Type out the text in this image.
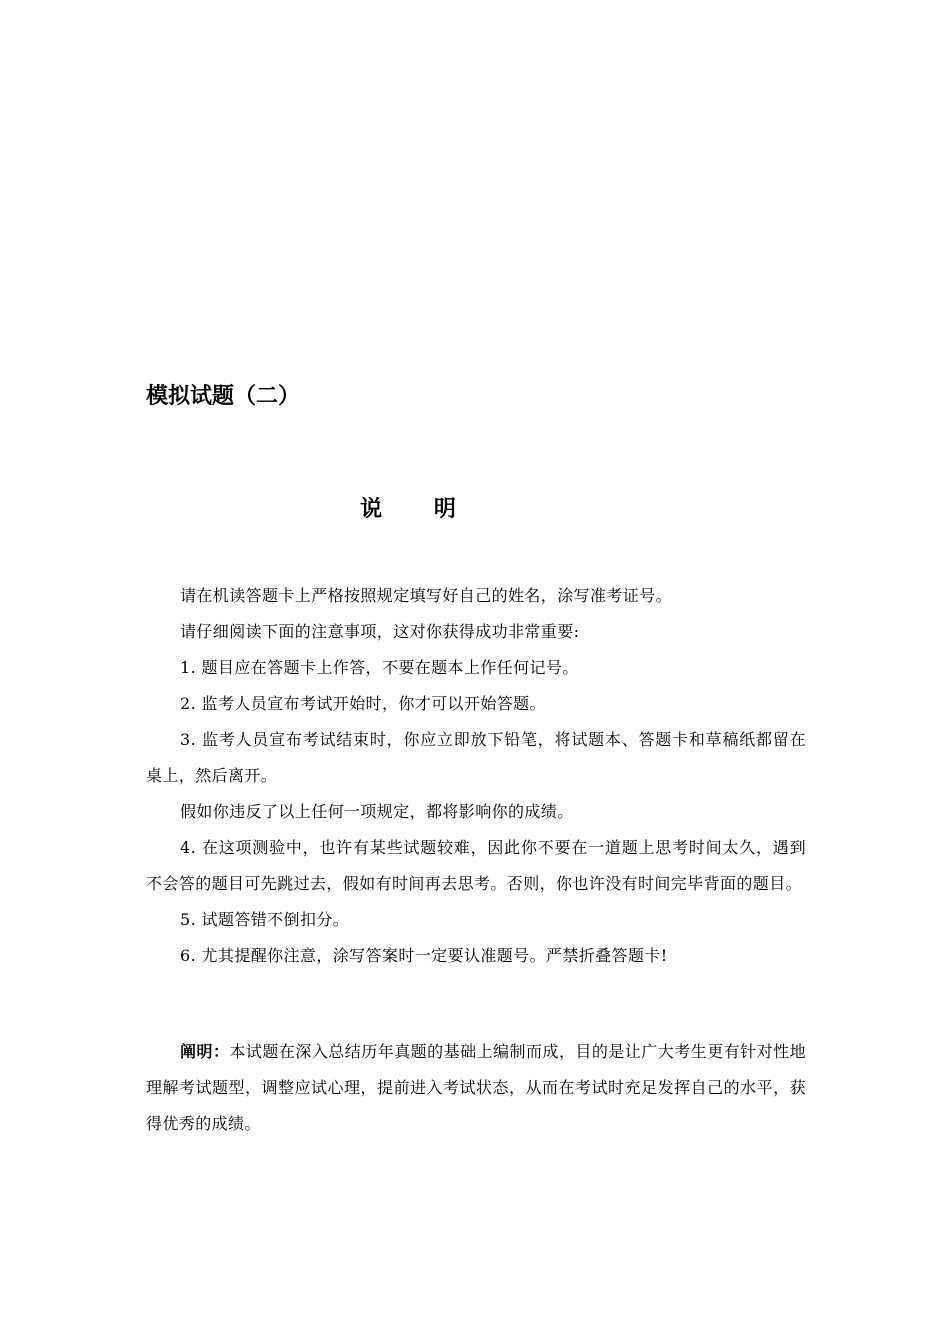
模拟试题（二）
说 明

请在机读答题卡上严格按照规定填写好自己的姓名，涂写准考证号。

请仔细阅读下面的注意事项，这对你获得成功非常重要:

1. 题目应在答题卡上作答，不要在题本上作任何记号。

2. 监考人员宣布考试开始时，你才可以开始答题。

3. 监考人员宣布考试结束时，你应立即放下铅笔，将试题本、答题卡和草稿纸都留在桌上，然后离开。

假如你违反了以上任何一项规定，都将影响你的成绩。

4. 在这项测验中，也许有某些试题较难，因此你不要在一道题上思考时间太久，遇到不会答的题目可先跳过去，假如有时间再去思考。否则，你也许没有时间完毕背面的题目。

5. 试题答错不倒扣分。

6. 尤其提醒你注意，涂写答案时一定要认准题号。严禁折叠答题卡!

阐明：本试题在深入总结历年真题的基础上编制而成，目的是让广大考生更有针对性地理解考试题型，调整应试心理，提前进入考试状态，从而在考试时充足发挥自己的水平，获得优秀的成绩。
